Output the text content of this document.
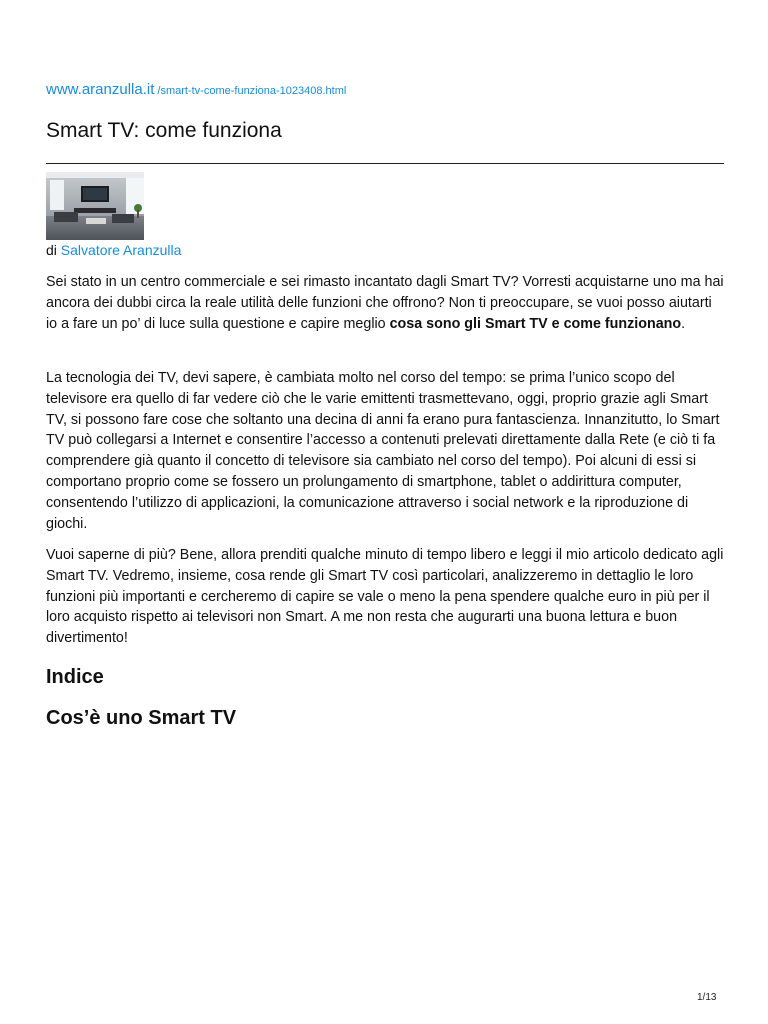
www.aranzulla.it /smart-tv-come-funziona-1023408.html
Smart TV: come funziona
di Salvatore Aranzulla

Sei stato in un centro commerciale e sei rimasto incantato dagli Smart TV? Vorresti acquistarne uno ma hai ancora dei dubbi circa la reale utilità delle funzioni che offrono? Non ti preoccupare, se vuoi posso aiutarti io a fare un po’ di luce sulla questione e capire meglio cosa sono gli Smart TV e come funzionano.

La tecnologia dei TV, devi sapere, è cambiata molto nel corso del tempo: se prima l’unico scopo del televisore era quello di far vedere ciò che le varie emittenti trasmettevano, oggi, proprio grazie agli Smart TV, si possono fare cose che soltanto una decina di anni fa erano pura fantascienza. Innanzitutto, lo Smart TV può collegarsi a Internet e consentire l’accesso a contenuti prelevati direttamente dalla Rete (e ciò ti fa comprendere già quanto il concetto di televisore sia cambiato nel corso del tempo). Poi alcuni di essi si comportano proprio come se fossero un prolungamento di smartphone, tablet o addirittura computer, consentendo l’utilizzo di applicazioni, la comunicazione attraverso i social network e la riproduzione di giochi.

Vuoi saperne di più? Bene, allora prenditi qualche minuto di tempo libero e leggi il mio articolo dedicato agli Smart TV. Vedremo, insieme, cosa rende gli Smart TV così particolari, analizzeremo in dettaglio le loro funzioni più importanti e cercheremo di capire se vale o meno la pena spendere qualche euro in più per il loro acquisto rispetto ai televisori non Smart. A me non resta che augurarti una buona lettura e buon divertimento!

Indice
Cos’è uno Smart TV
1/13
